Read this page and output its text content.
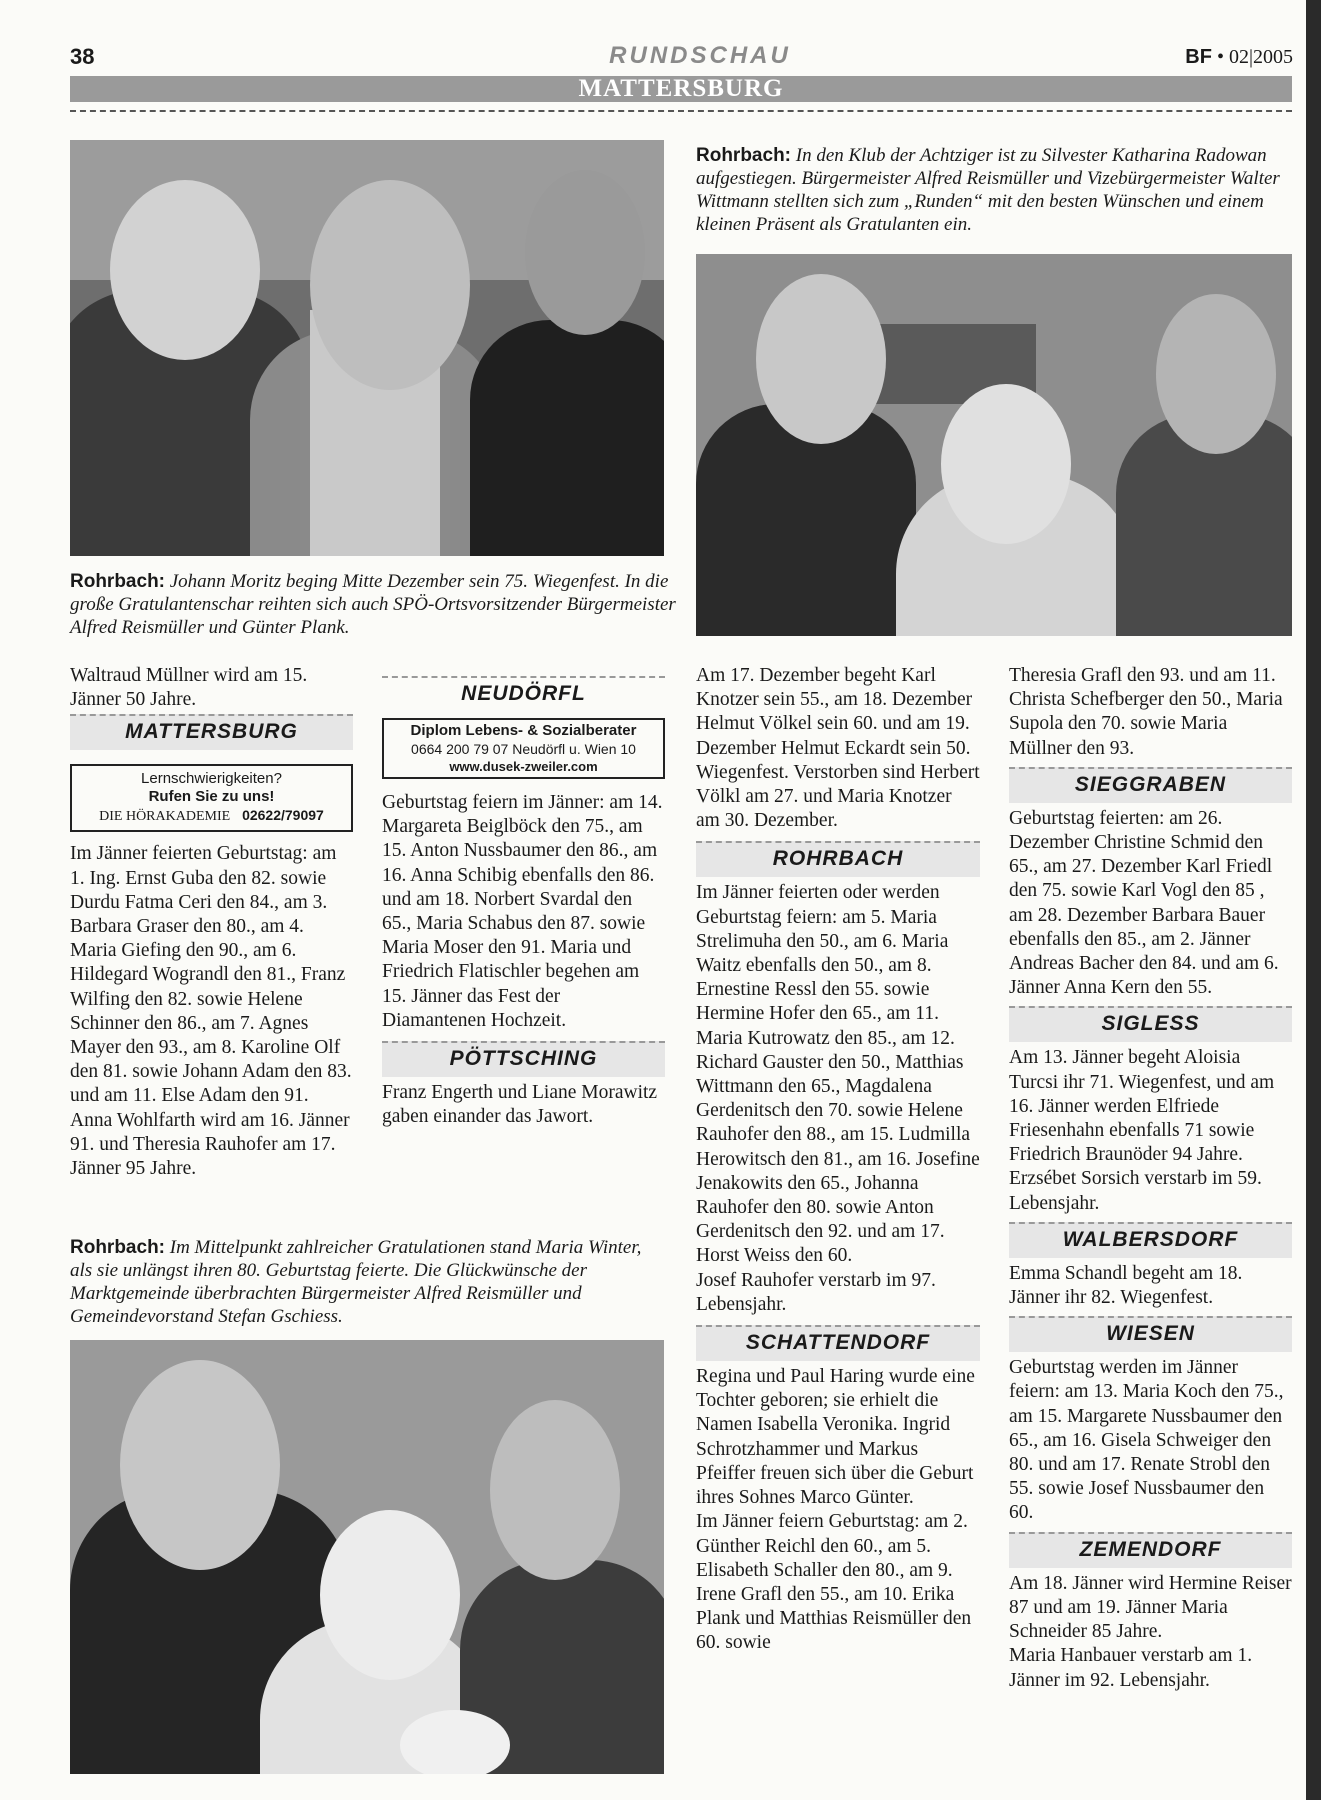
38	RUNDSCHAU	BF • 02|2005
MATTERSBURG
Rohrbach: Johann Moritz beging Mitte Dezember sein 75. Wiegenfest. In die große Gratulantenschar reihten sich auch SPÖ-Ortsvorsitzender Bürgermeister Alfred Reismüller und Günter Plank.
Rohrbach: In den Klub der Achtziger ist zu Silvester Katharina Radowan aufgestiegen. Bürgermeister Alfred Reismüller und Vizebürgermeister Walter Wittmann stellten sich zum „Runden“ mit den besten Wünschen und einem kleinen Präsent als Gratulanten ein.

Waltraud Müllner wird am 15. Jänner 50 Jahre.

MATTERSBURG
Lernschwierigkeiten?
Rufen Sie zu uns!
DIE HÖRAKADEMIE 02622/79097

Im Jänner feierten Geburtstag: am 1. Ing. Ernst Guba den 82. sowie Durdu Fatma Ceri den 84., am 3. Barbara Graser den 80., am 4. Maria Giefing den 90., am 6. Hildegard Wograndl den 81., Franz Wilfing den 82. sowie Helene Schinner den 86., am 7. Agnes Mayer den 93., am 8. Karoline Olf den 81. sowie Johann Adam den 83. und am 11. Else Adam den 91. Anna Wohlfarth wird am 16. Jänner 91. und Theresia Rauhofer am 17. Jänner 95 Jahre.

NEUDÖRFL
Diplom Lebens- & Sozialberater
0664 200 79 07 Neudörfl u. Wien 10
www.dusek-zweiler.com

Geburtstag feiern im Jänner: am 14. Margareta Beiglböck den 75., am 15. Anton Nussbaumer den 86., am 16. Anna Schibig ebenfalls den 86. und am 18. Norbert Svardal den 65., Maria Schabus den 87. sowie Maria Moser den 91. Maria und Friedrich Flatischler begehen am 15. Jänner das Fest der Diamantenen Hochzeit.

PÖTTSCHING

Franz Engerth und Liane Morawitz gaben einander das Jawort.

Rohrbach: Im Mittelpunkt zahlreicher Gratulationen stand Maria Winter, als sie unlängst ihren 80. Geburtstag feierte. Die Glückwünsche der Marktgemeinde überbrachten Bürgermeister Alfred Reismüller und Gemeindevorstand Stefan Gschiess.

Am 17. Dezember begeht Karl Knotzer sein 55., am 18. Dezember Helmut Völkel sein 60. und am 19. Dezember Helmut Eckardt sein 50. Wiegenfest. Verstorben sind Herbert Völkl am 27. und Maria Knotzer am 30. Dezember.

ROHRBACH

Im Jänner feierten oder werden Geburtstag feiern: am 5. Maria Strelimuha den 50., am 6. Maria Waitz ebenfalls den 50., am 8. Ernestine Ressl den 55. sowie Hermine Hofer den 65., am 11. Maria Kutrowatz den 85., am 12. Richard Gauster den 50., Matthias Wittmann den 65., Magdalena Gerdenitsch den 70. sowie Helene Rauhofer den 88., am 15. Ludmilla Herowitsch den 81., am 16. Josefine Jenakowits den 65., Johanna Rauhofer den 80. sowie Anton Gerdenitsch den 92. und am 17. Horst Weiss den 60.

Josef Rauhofer verstarb im 97. Lebensjahr.

SCHATTENDORF

Regina und Paul Haring wurde eine Tochter geboren; sie erhielt die Namen Isabella Veronika. Ingrid Schrotzhammer und Markus Pfeiffer freuen sich über die Geburt ihres Sohnes Marco Günter.

Im Jänner feiern Geburtstag: am 2. Günther Reichl den 60., am 5. Elisabeth Schaller den 80., am 9. Irene Grafl den 55., am 10. Erika Plank und Matthias Reismüller den 60. sowie

Theresia Grafl den 93. und am 11. Christa Schefberger den 50., Maria Supola den 70. sowie Maria Müllner den 93.

SIEGGRABEN

Geburtstag feierten: am 26. Dezember Christine Schmid den 65., am 27. Dezember Karl Friedl den 75. sowie Karl Vogl den 85 , am 28. Dezember Barbara Bauer ebenfalls den 85., am 2. Jänner Andreas Bacher den 84. und am 6. Jänner Anna Kern den 55.

SIGLESS

Am 13. Jänner begeht Aloisia Turcsi ihr 71. Wiegenfest, und am 16. Jänner werden Elfriede Friesenhahn ebenfalls 71 sowie Friedrich Braunöder 94 Jahre.

Erzsébet Sorsich verstarb im 59. Lebensjahr.

WALBERSDORF

Emma Schandl begeht am 18. Jänner ihr 82. Wiegenfest.

WIESEN

Geburtstag werden im Jänner feiern: am 13. Maria Koch den 75., am 15. Margarete Nussbaumer den 65., am 16. Gisela Schweiger den 80. und am 17. Renate Strobl den 55. sowie Josef Nussbaumer den 60.

ZEMENDORF

Am 18. Jänner wird Hermine Reiser 87 und am 19. Jänner Maria Schneider 85 Jahre.

Maria Hanbauer verstarb am 1. Jänner im 92. Lebensjahr.
